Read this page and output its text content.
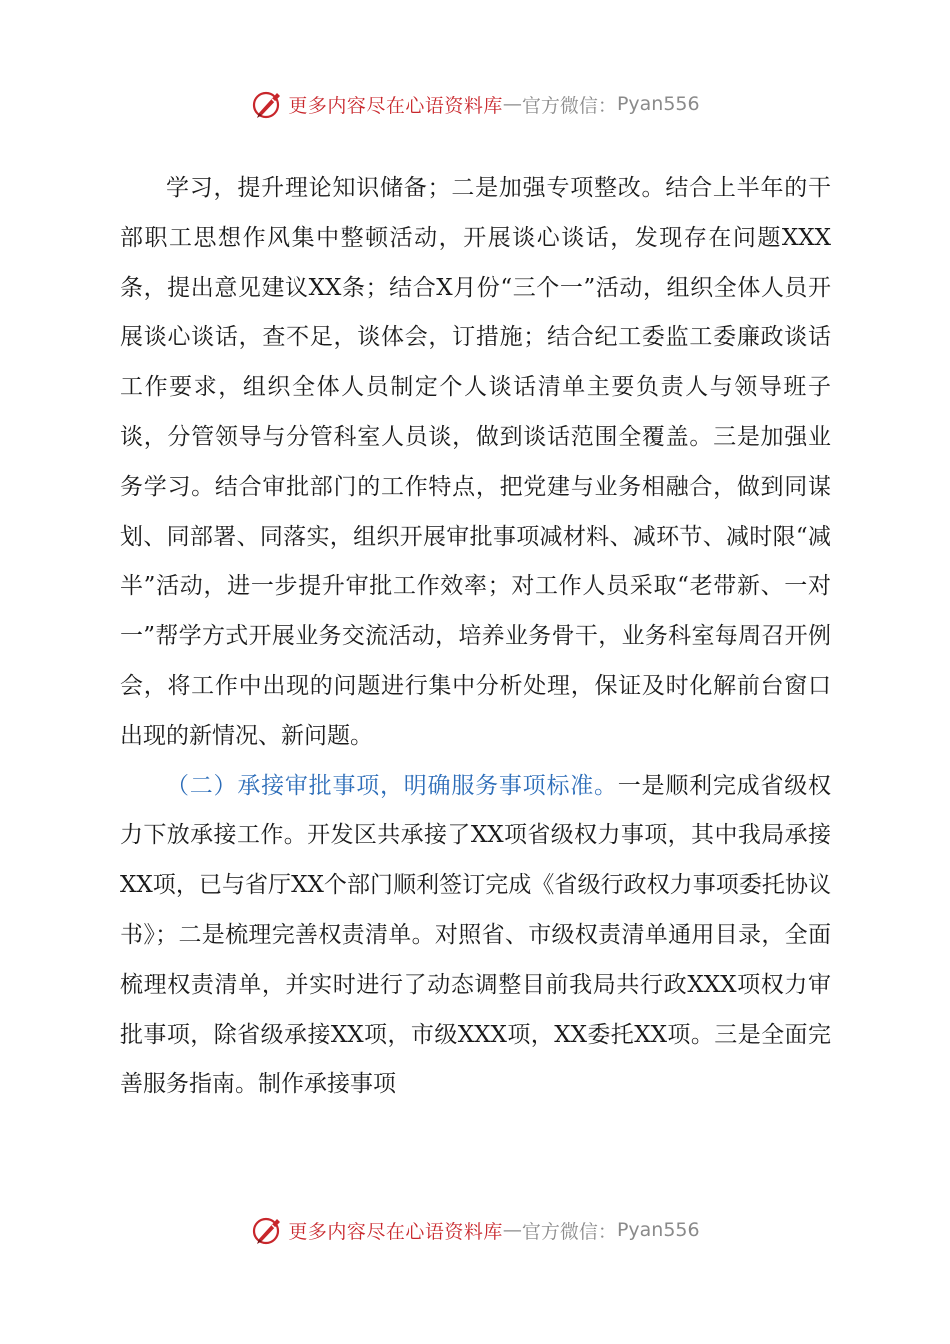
更多内容尽在心语资料库 — 官方微信： Pyan556

学习，提升理论知识储备；二是加强专项整改。结合上半年的干部职工思想作风集中整顿活动，开展谈心谈话，发现存在问题XXX条，提出意见建议XX条；结合X月份“三个一”活动，组织全体人员开展谈心谈话，查不足，谈体会，订措施；结合纪工委监工委廉政谈话工作要求，组织全体人员制定个人谈话清单主要负责人与领导班子谈，分管领导与分管科室人员谈，做到谈话范围全覆盖。三是加强业务学习。结合审批部门的工作特点，把党建与业务相融合，做到同谋划、同部署、同落实，组织开展审批事项减材料、减环节、减时限“减半”活动，进一步提升审批工作效率；对工作人员采取“老带新、一对一”帮学方式开展业务交流活动，培养业务骨干，业务科室每周召开例会，将工作中出现的问题进行集中分析处理，保证及时化解前台窗口出现的新情况、新问题。

（二）承接审批事项，明确服务事项标准。一是顺利完成省级权力下放承接工作。开发区共承接了XX项省级权力事项，其中我局承接XX项，已与省厅XX个部门顺利签订完成《省级行政权力事项委托协议书》；二是梳理完善权责清单。对照省、市级权责清单通用目录，全面梳理权责清单，并实时进行了动态调整目前我局共行政XXX项权力审批事项，除省级承接XX项，市级XXX项，XX委托XX项。三是全面完善服务指南。制作承接事项

更多内容尽在心语资料库 — 官方微信： Pyan556
